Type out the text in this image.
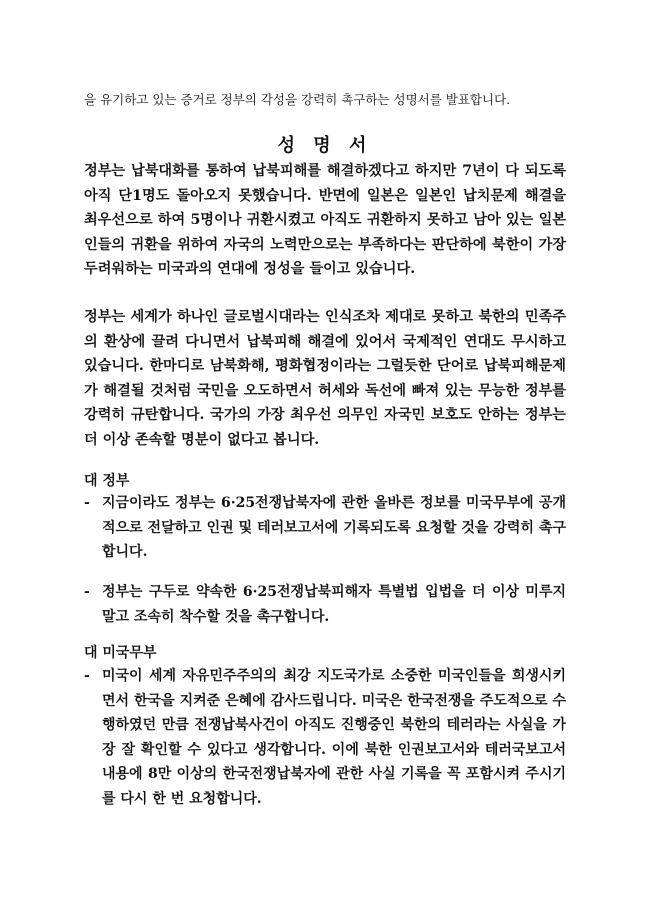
을 유기하고 있는 증거로 정부의 각성을 강력히 촉구하는 성명서를 발표합니다.
성 명 서
정부는 납북대화를 통하여 납북피해를 해결하겠다고 하지만 7년이 다 되도록 아직 단1명도 돌아오지 못했습니다. 반면에 일본은 일본인 납치문제 해결을 최우선으로 하여 5명이나 귀환시켰고 아직도 귀환하지 못하고 남아 있는 일본인들의 귀환을 위하여 자국의 노력만으로는 부족하다는 판단하에 북한이 가장 두려워하는 미국과의 연대에 정성을 들이고 있습니다.
정부는 세계가 하나인 글로벌시대라는 인식조차 제대로 못하고 북한의 민족주의 환상에 끌려 다니면서 납북피해 해결에 있어서 국제적인 연대도 무시하고 있습니다. 한마디로 남북화해, 평화협정이라는 그럴듯한 단어로 납북피해문제가 해결될 것처럼 국민을 오도하면서 허세와 독선에 빠져 있는 무능한 정부를 강력히 규탄합니다. 국가의 가장 최우선 의무인 자국민 보호도 안하는 정부는 더 이상 존속할 명분이 없다고 봅니다.
대 정부
- 지금이라도 정부는 6·25전쟁납북자에 관한 올바른 정보를 미국무부에 공개적으로 전달하고 인권 및 테러보고서에 기록되도록 요청할 것을 강력히 촉구합니다.
- 정부는 구두로 약속한 6·25전쟁납북피해자 특별법 입법을 더 이상 미루지 말고 조속히 착수할 것을 촉구합니다.
대 미국무부
- 미국이 세계 자유민주주의의 최강 지도국가로 소중한 미국인들을 희생시키면서 한국을 지켜준 은혜에 감사드립니다. 미국은 한국전쟁을 주도적으로 수행하였던 만큼 전쟁납북사건이 아직도 진행중인 북한의 테러라는 사실을 가장 잘 확인할 수 있다고 생각합니다. 이에 북한 인권보고서와 테러국보고서 내용에 8만 이상의 한국전쟁납북자에 관한 사실 기록을 꼭 포함시켜 주시기를 다시 한 번 요청합니다.
